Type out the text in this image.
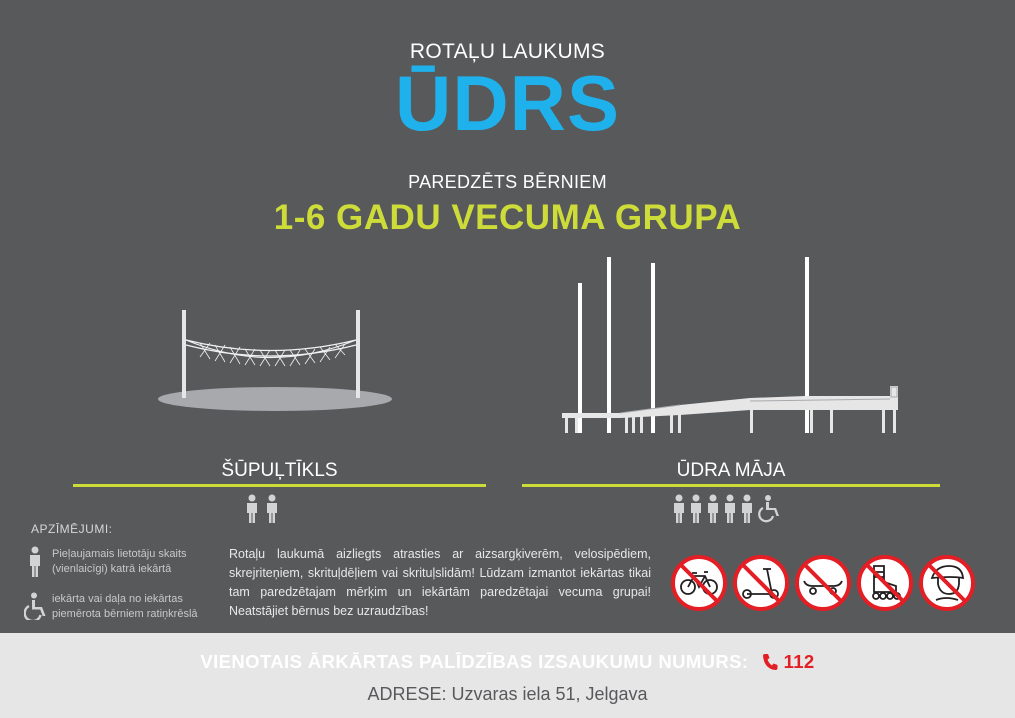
ROTAĻU LAUKUMS
ŪDRS
PAREDZĒTS BĒRNIEM
1-6 GADU VECUMA GRUPA
ŠŪPUĻTĪKLS	ŪDRA MĀJA
APZĪMĒJUMI:
Pieļaujamais lietotāju skaits
(vienlaicīgi) katrā iekārtā
iekārta vai daļa no iekārtas
piemērota bērniem ratiņkrēslā
Rotaļu laukumā aizliegts atrasties ar aizsargķiverēm, velosipēdiem, skrejriteņiem, skrituļdēļiem vai skrituļslidām! Lūdzam izmantot iekārtas tikai tam paredzētajam mērķim un iekārtām paredzētajai vecuma grupai! Neatstājiet bērnus bez uzraudzības!
VIENOTAIS ĀRKĀRTAS PALĪDZĪBAS IZSAUKUMU NUMURS: 112
ADRESE: Uzvaras iela 51, Jelgava
